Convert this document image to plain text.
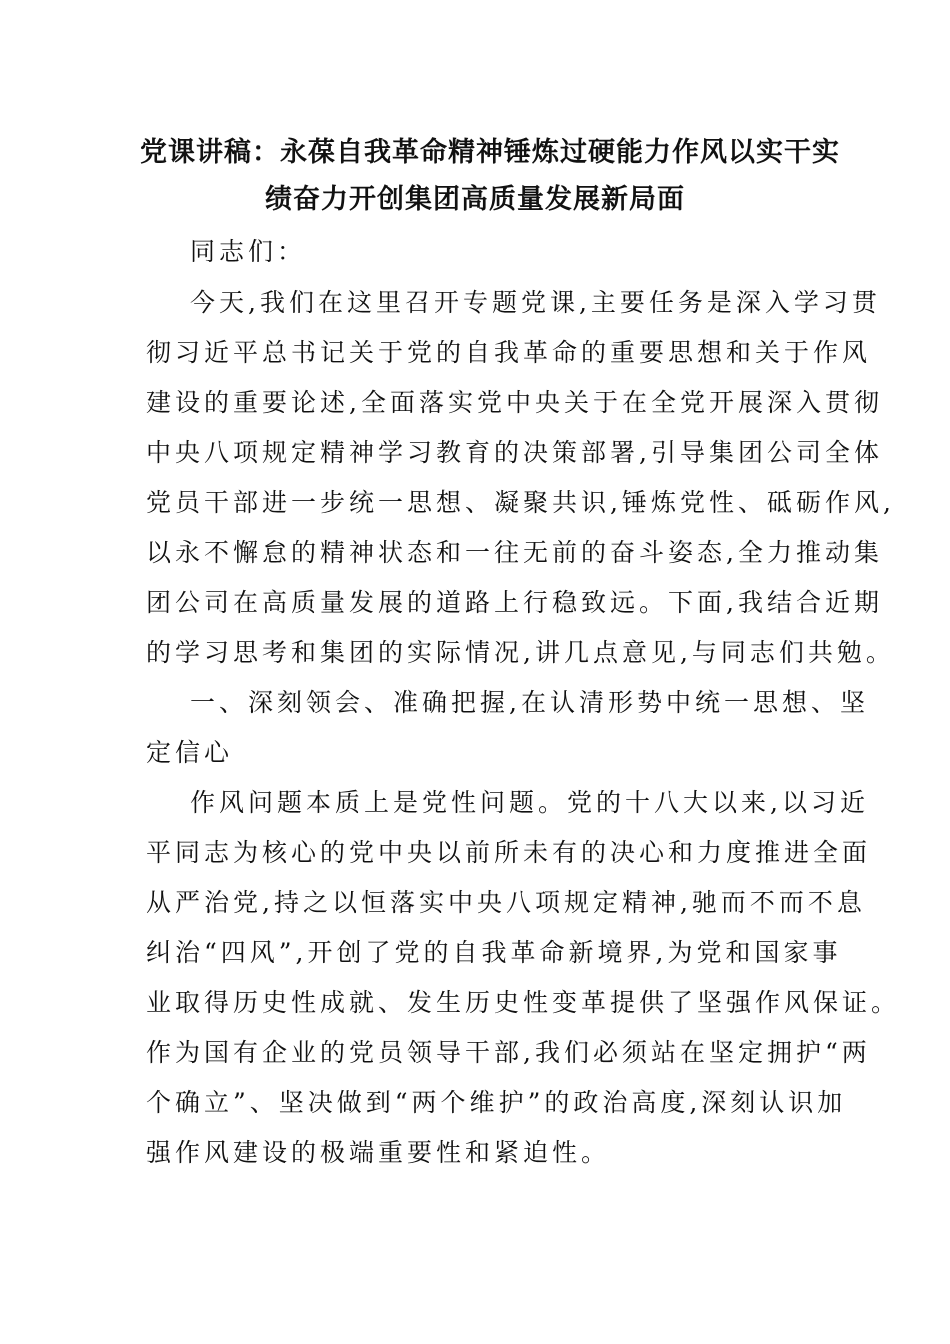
党课讲稿：永葆自我革命精神锤炼过硬能力作风以实干实
绩奋力开创集团高质量发展新局面
同志们：
今天,我们在这里召开专题党课,主要任务是深入学习贯
彻习近平总书记关于党的自我革命的重要思想和关于作风
建设的重要论述,全面落实党中央关于在全党开展深入贯彻
中央八项规定精神学习教育的决策部署,引导集团公司全体
党员干部进一步统一思想、凝聚共识,锤炼党性、砥砺作风,
以永不懈怠的精神状态和一往无前的奋斗姿态,全力推动集
团公司在高质量发展的道路上行稳致远。下面,我结合近期
的学习思考和集团的实际情况,讲几点意见,与同志们共勉。
一、深刻领会、准确把握,在认清形势中统一思想、坚
定信心
作风问题本质上是党性问题。党的十八大以来,以习近
平同志为核心的党中央以前所未有的决心和力度推进全面
从严治党,持之以恒落实中央八项规定精神,驰而不而不息
纠治“四风”,开创了党的自我革命新境界,为党和国家事
业取得历史性成就、发生历史性变革提供了坚强作风保证。
作为国有企业的党员领导干部,我们必须站在坚定拥护“两
个确立”、坚决做到“两个维护”的政治高度,深刻认识加
强作风建设的极端重要性和紧迫性。
